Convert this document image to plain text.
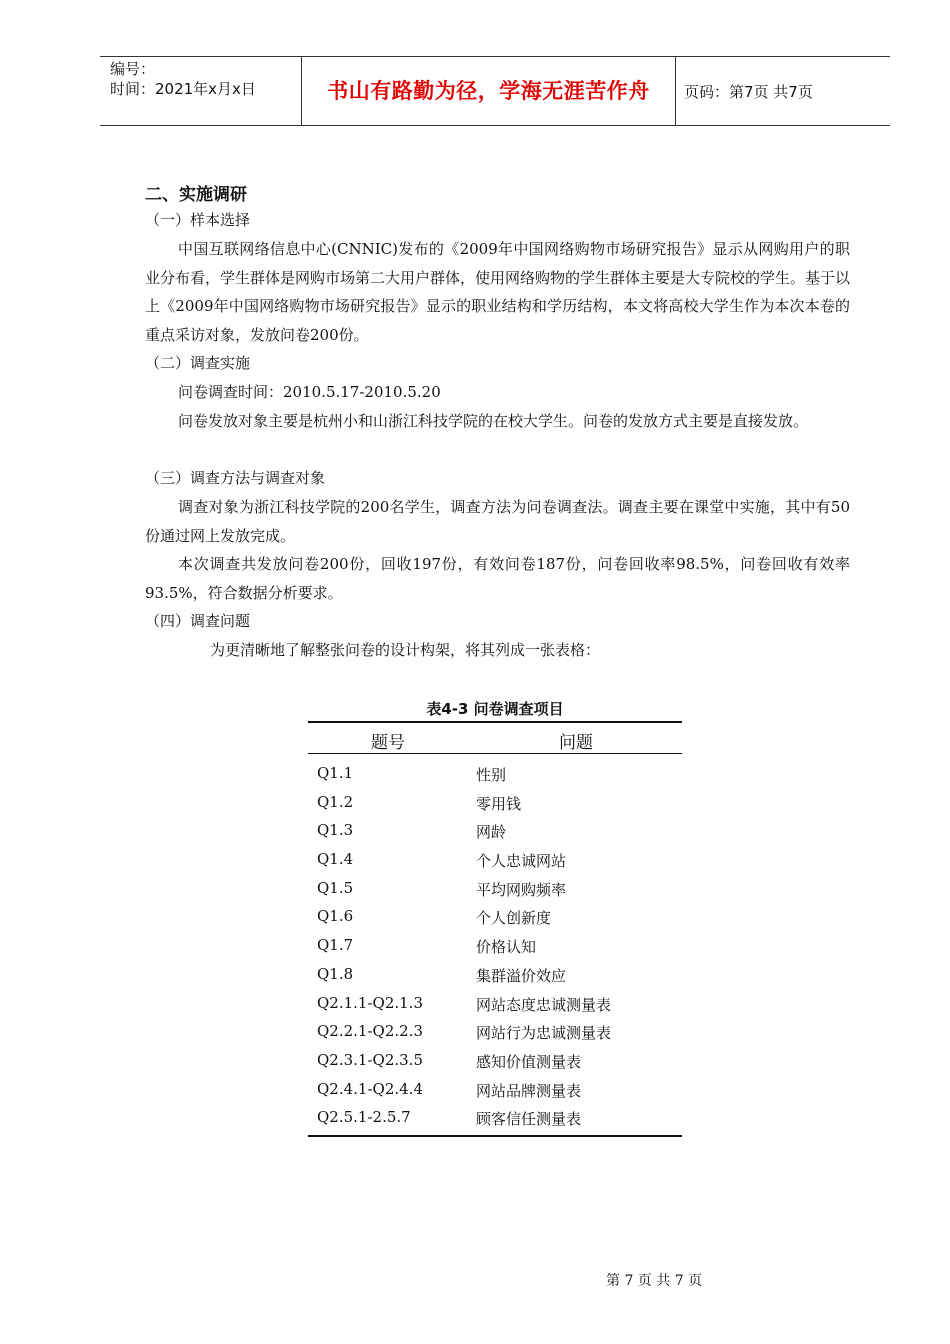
编号：
时间：2021年x月x日	书山有路勤为径，学海无涯苦作舟	页码：第7页 共7页
二、实施调研
（一）样本选择
中国互联网络信息中心(CNNIC)发布的《2009年中国网络购物市场研究报告》显示从网购用户的职业分布看，学生群体是网购市场第二大用户群体，使用网络购物的学生群体主要是大专院校的学生。基于以上《2009年中国网络购物市场研究报告》显示的职业结构和学历结构，本文将高校大学生作为本次本卷的重点采访对象，发放问卷200份。
（二）调查实施
问卷调查时间：2010.5.17-2010.5.20
问卷发放对象主要是杭州小和山浙江科技学院的在校大学生。问卷的发放方式主要是直接发放。
（三）调查方法与调查对象
调查对象为浙江科技学院的200名学生，调查方法为问卷调查法。调查主要在课堂中实施，其中有50份通过网上发放完成。
本次调查共发放问卷200份，回收197份，有效问卷187份，问卷回收率98.5%，问卷回收有效率93.5%，符合数据分析要求。
（四）调查问题
为更清晰地了解整张问卷的设计构架，将其列成一张表格：
表4-3 问卷调查项目
题号	问题
Q1.1	性别
Q1.2	零用钱
Q1.3	网龄
Q1.4	个人忠诚网站
Q1.5	平均网购频率
Q1.6	个人创新度
Q1.7	价格认知
Q1.8	集群溢价效应
Q2.1.1-Q2.1.3	网站态度忠诚测量表
Q2.2.1-Q2.2.3	网站行为忠诚测量表
Q2.3.1-Q2.3.5	感知价值测量表
Q2.4.1-Q2.4.4	网站品牌测量表
Q2.5.1-2.5.7	顾客信任测量表
第 7 页 共 7 页
